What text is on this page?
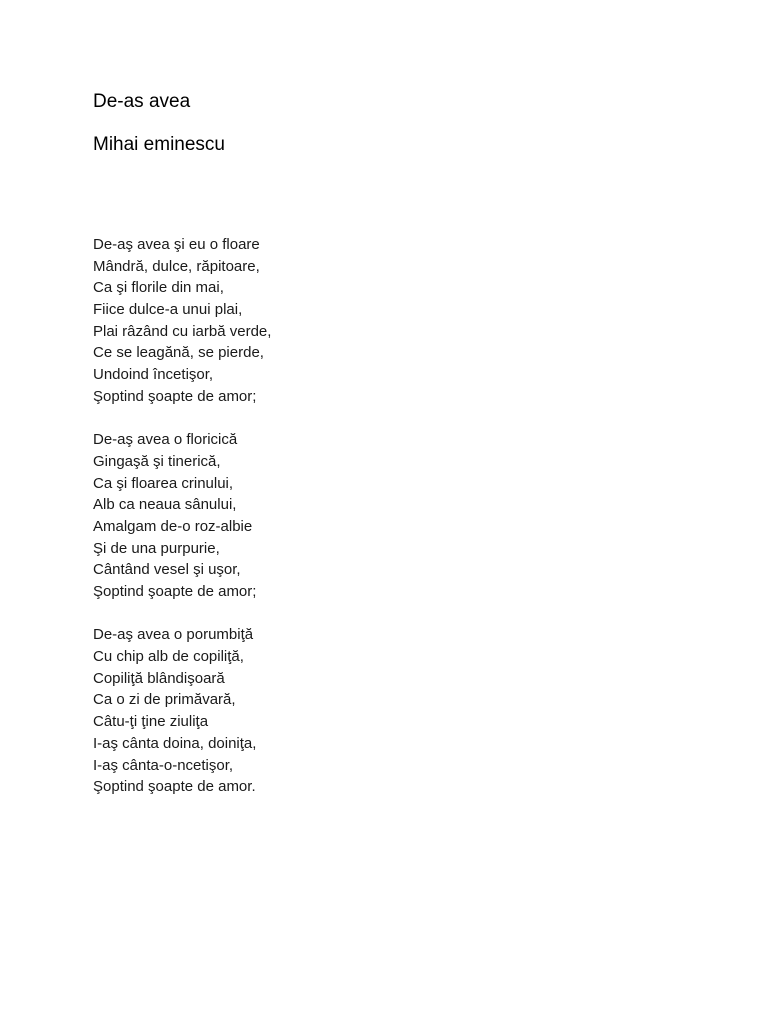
De-as avea
Mihai eminescu
De-aş avea şi eu o floare
Mândră, dulce, răpitoare,
Ca şi florile din mai,
Fiice dulce-a unui plai,
Plai râzând cu iarbă verde,
Ce se leagănă, se pierde,
Undoind încetişor,
Şoptind şoapte de amor;
De-aş avea o floricică
Gingaşă şi tinerică,
Ca şi floarea crinului,
Alb ca neaua sânului,
Amalgam de-o roz-albie
Şi de una purpurie,
Cântând vesel şi uşor,
Şoptind şoapte de amor;
De-aş avea o porumbiţă
Cu chip alb de copiliţă,
Copiliţă blândişoară
Ca o zi de primăvară,
Câtu-ţi ţine ziuliţa
I-aş cânta doina, doiniţa,
I-aş cânta-o-ncetişor,
Şoptind şoapte de amor.
